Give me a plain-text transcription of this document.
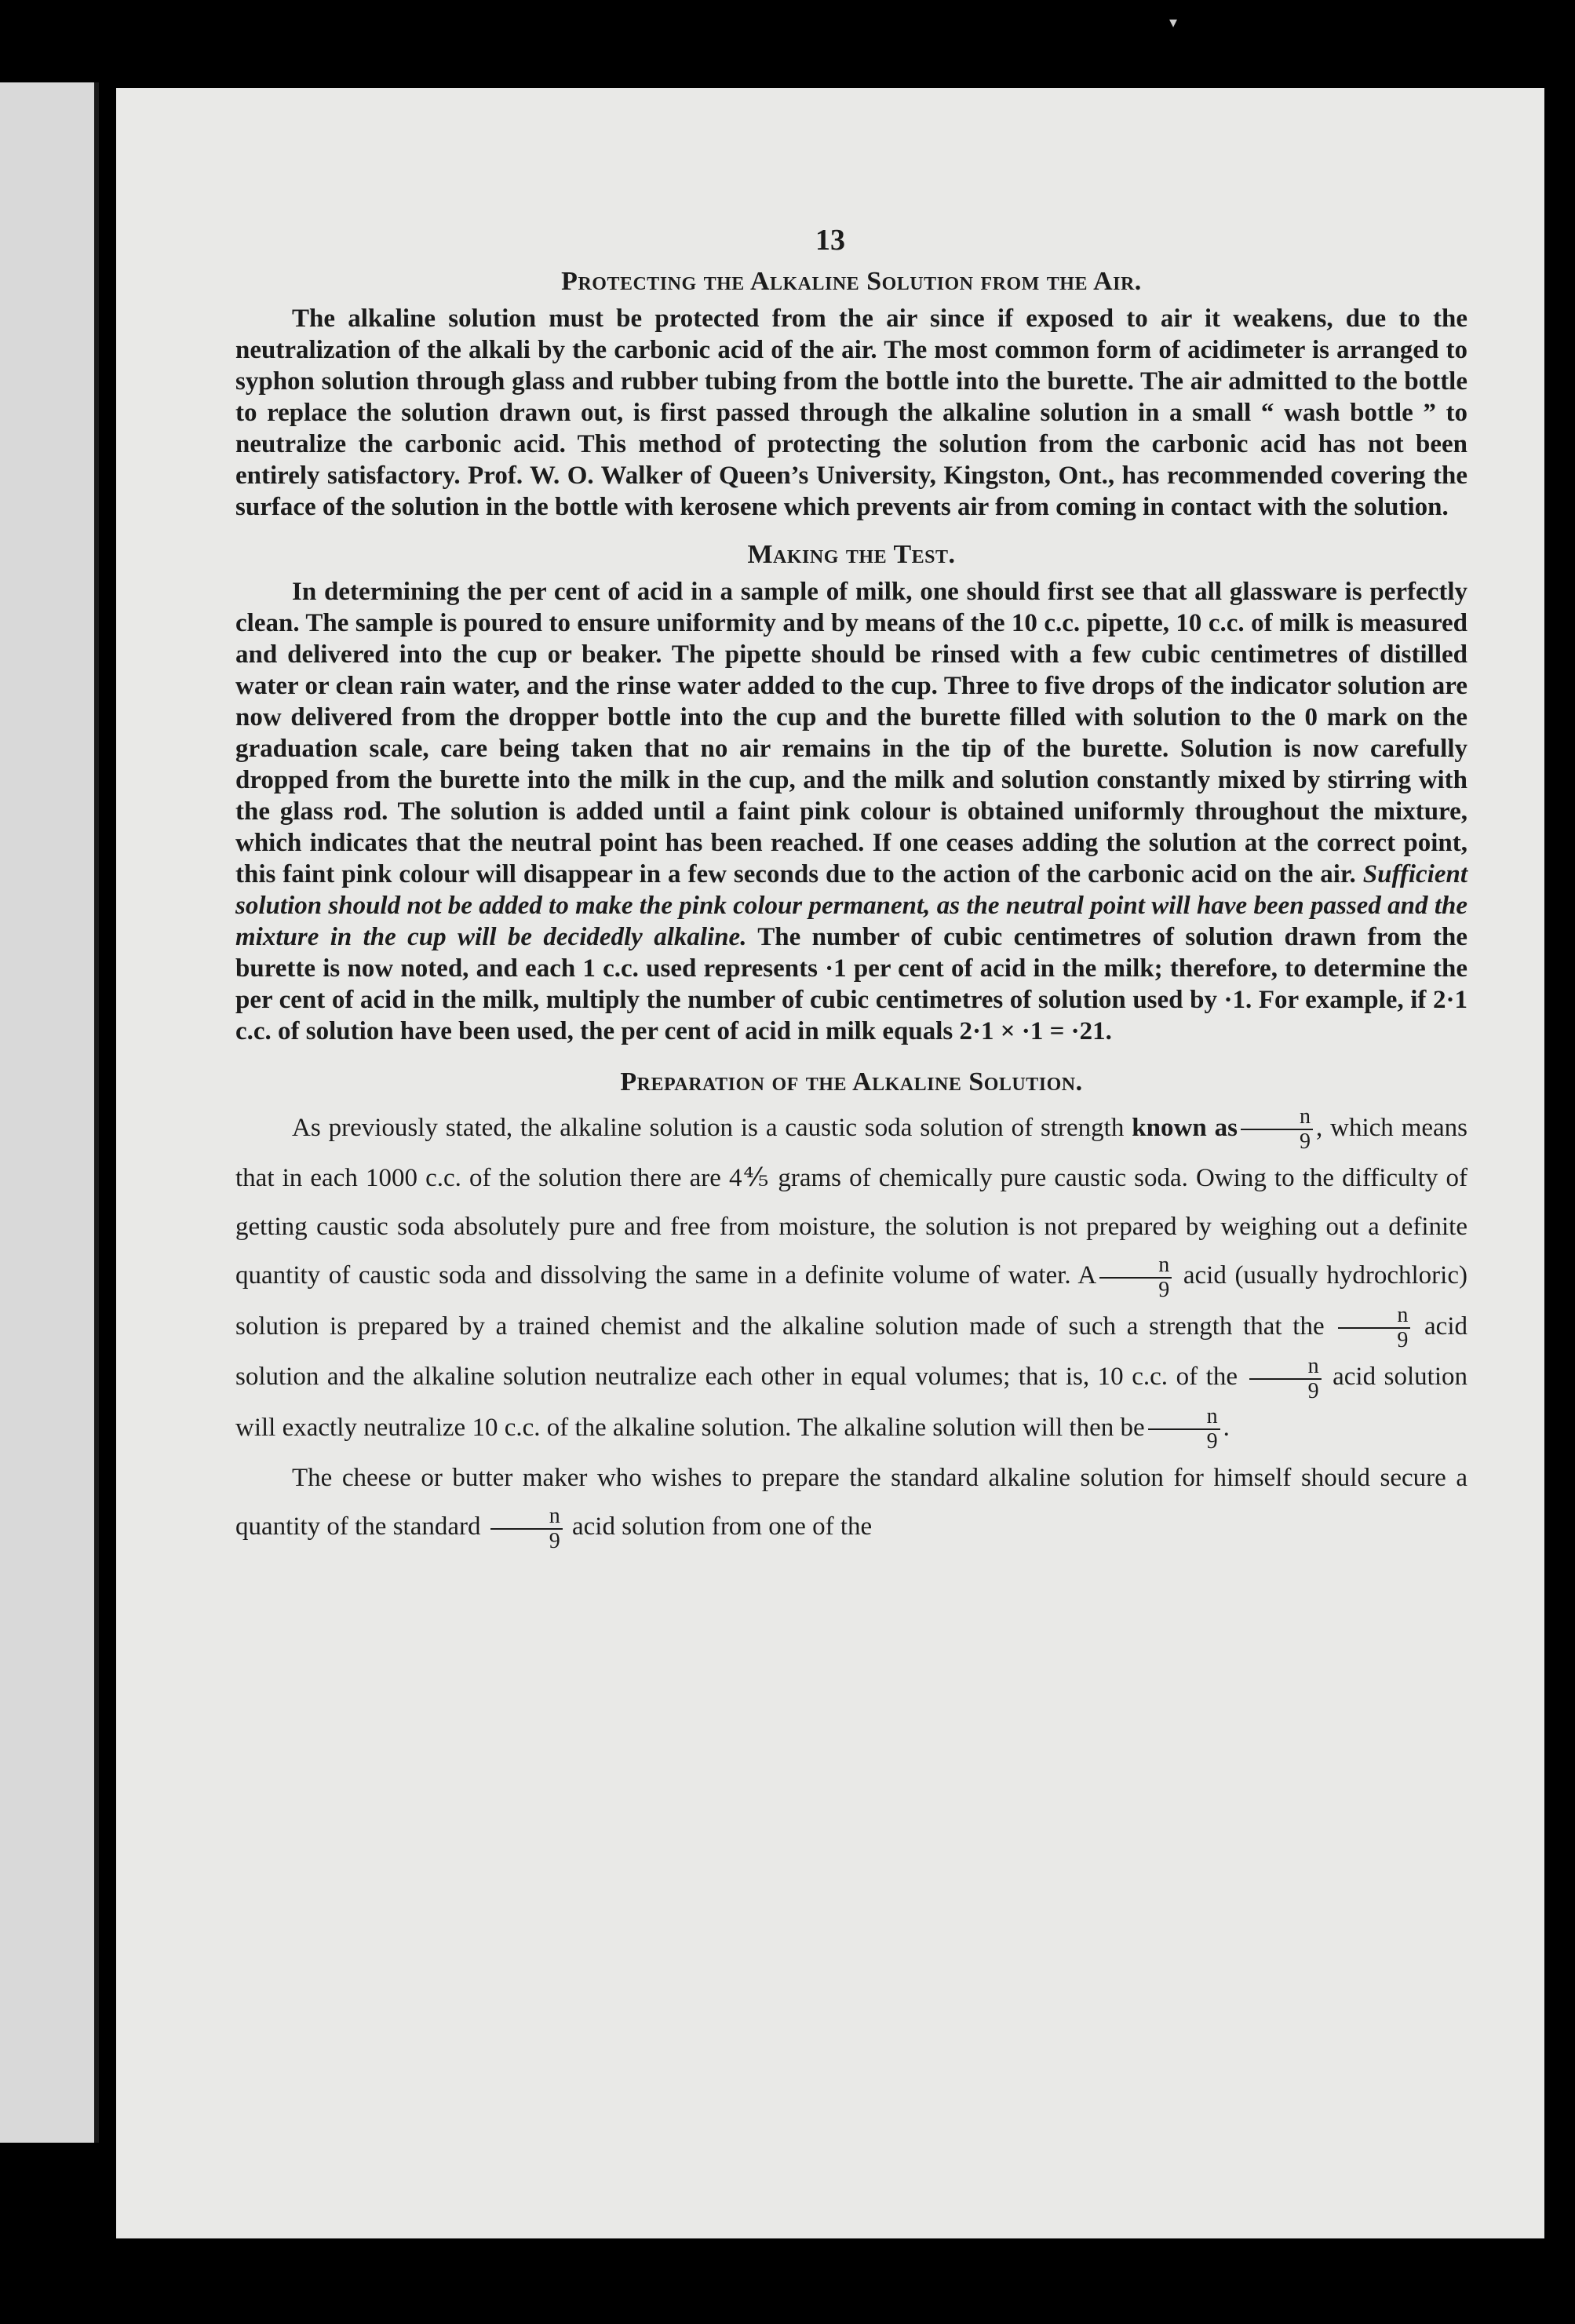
▾
13
Protecting the Alkaline Solution from the Air.

The alkaline solution must be protected from the air since if exposed to air it weakens, due to the neutralization of the alkali by the carbonic acid of the air. The most common form of acidimeter is arranged to syphon solution through glass and rubber tubing from the bottle into the burette. The air admitted to the bottle to replace the solution drawn out, is first passed through the alkaline solution in a small “ wash bottle ” to neutralize the carbonic acid. This method of protecting the solution from the carbonic acid has not been entirely satisfactory. Prof. W. O. Walker of Queen’s University, Kingston, Ont., has recommended covering the surface of the solution in the bottle with kerosene which prevents air from coming in contact with the solution.

Making the Test.

In determining the per cent of acid in a sample of milk, one should first see that all glassware is perfectly clean. The sample is poured to ensure uniformity and by means of the 10 c.c. pipette, 10 c.c. of milk is measured and delivered into the cup or beaker. The pipette should be rinsed with a few cubic centimetres of distilled water or clean rain water, and the rinse water added to the cup. Three to five drops of the indicator solution are now delivered from the dropper bottle into the cup and the burette filled with solution to the 0 mark on the graduation scale, care being taken that no air remains in the tip of the burette. Solution is now carefully dropped from the burette into the milk in the cup, and the milk and solution constantly mixed by stirring with the glass rod. The solution is added until a faint pink colour is obtained uniformly throughout the mixture, which indicates that the neutral point has been reached. If one ceases adding the solution at the correct point, this faint pink colour will disappear in a few seconds due to the action of the carbonic acid on the air. Sufficient solution should not be added to make the pink colour permanent, as the neutral point will have been passed and the mixture in the cup will be decidedly alkaline. The number of cubic centimetres of solution drawn from the burette is now noted, and each 1 c.c. used represents ·1 per cent of acid in the milk; therefore, to determine the per cent of acid in the milk, multiply the number of cubic centimetres of solution used by ·1. For example, if 2·1 c.c. of solution have been used, the per cent of acid in milk equals 2·1 × ·1 = ·21.

Preparation of the Alkaline Solution.

As previously stated, the alkaline solution is a caustic soda solution of strength known as $\frac{n}{9}$ , which means that in each 1000 c.c. of the solution there are 4⅘ grams of chemically pure caustic soda. Owing to the difficulty of getting caustic soda absolutely pure and free from moisture, the solution is not prepared by weighing out a definite quantity of caustic soda and dissolving the same in a definite volume of water. A $\frac{n}{9}$ acid (usually hydrochloric) solution is prepared by a trained chemist and the alkaline solution made of such a strength that the $\frac{n}{9}$ acid solution and the alkaline solution neutralize each other in equal volumes; that is, 10 c.c. of the $\frac{n}{9}$ acid solution will exactly neutralize 10 c.c. of the alkaline solution. The alkaline solution will then be $\frac{n}{9}$ .

The cheese or butter maker who wishes to prepare the standard alkaline solution for himself should secure a quantity of the standard $\frac{n}{9}$ acid solution from one of the
